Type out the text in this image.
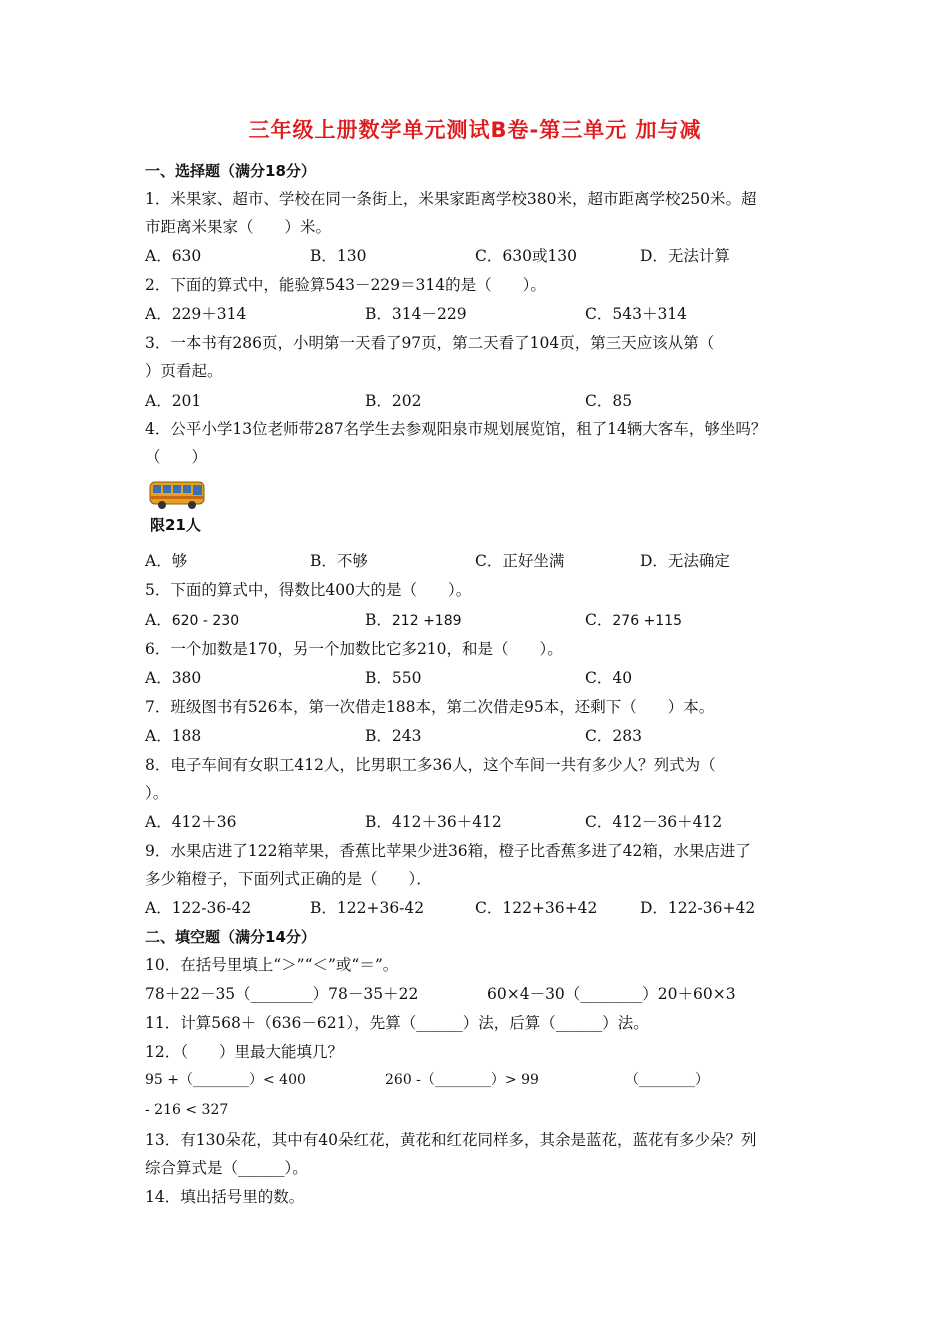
三年级上册数学单元测试B卷-第三单元 加与减
一、选择题（满分18分）
1．米果家、超市、学校在同一条街上，米果家距离学校380米，超市距离学校250米。超
市距离米果家（　　）米。
A．630	B．130	C．630或130	D．无法计算
2．下面的算式中，能验算543－229＝314的是（　　）。
A．229＋314	B．314－229	C．543＋314
3．一本书有286页，小明第一天看了97页，第二天看了104页，第三天应该从第（
）页看起。
A．201	B．202	C．85
4．公平小学13位老师带287名学生去参观阳泉市规划展览馆，租了14辆大客车，够坐吗？
（　　）
限21人
A．够	B．不够	C．正好坐满	D．无法确定
5．下面的算式中，得数比400大的是（　　）。
A．620 - 230	B．212 +189	C．276 +115
6．一个加数是170，另一个加数比它多210，和是（　　）。
A．380	B．550	C．40
7．班级图书有526本，第一次借走188本，第二次借走95本，还剩下（　　）本。
A．188	B．243	C．283
8．电子车间有女职工412人，比男职工多36人，这个车间一共有多少人？列式为（
）。
A．412＋36	B．412＋36＋412	C．412－36＋412
9．水果店进了122箱苹果，香蕉比苹果少进36箱，橙子比香蕉多进了42箱，水果店进了
多少箱橙子，下面列式正确的是（　　）．
A．122-36-42	B．122+36-42	C．122+36+42	D．122-36+42
二、填空题（满分14分）
10．在括号里填上“＞”“＜”或“＝”。
78＋22－35（________）78－35＋22	60×4－30（________）20＋60×3
11．计算568＋（636－621），先算（______）法，后算（______）法。
12．（　　）里最大能填几？
95 +（________）< 400	260 -（________）> 99	（________）
- 216 < 327
13．有130朵花，其中有40朵红花，黄花和红花同样多，其余是蓝花，蓝花有多少朵？列
综合算式是（______）。
14．填出括号里的数。
